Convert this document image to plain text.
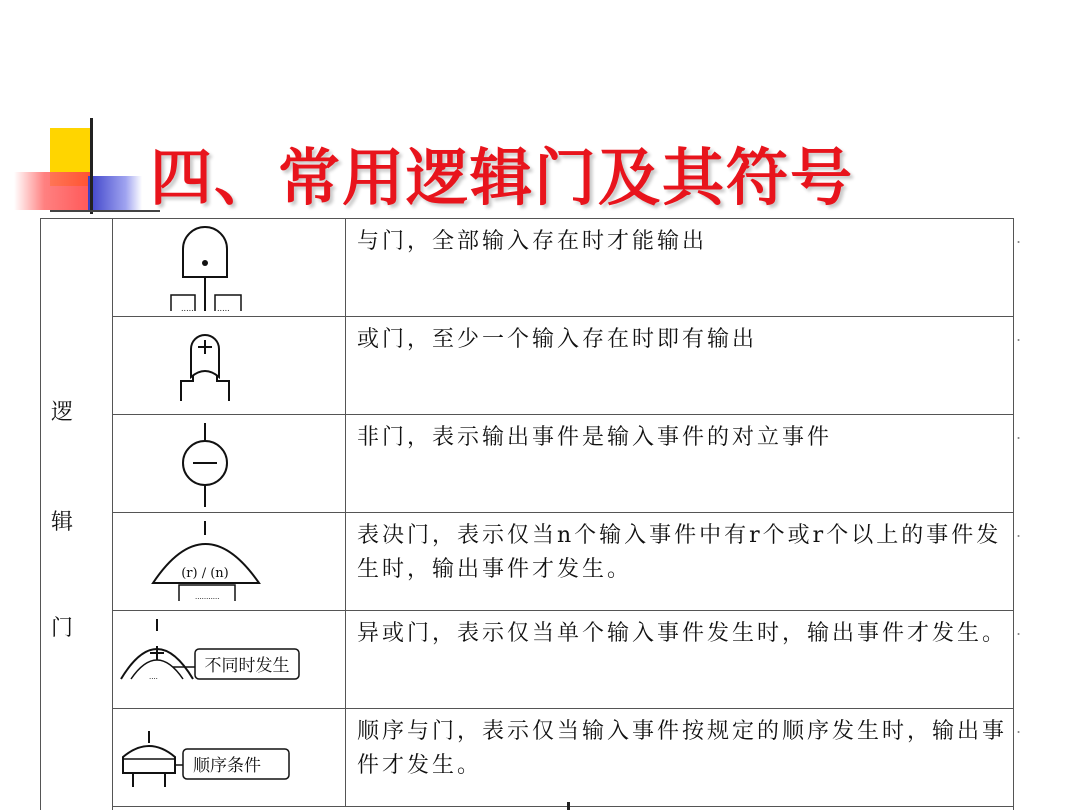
四、常用逻辑门及其符号
逻
辑
门
.....	.....
与门，全部输入存在时才能输出
或门，至少一个输入存在时即有输出
非门，表示输出事件是输入事件的对立事件
...........
(r) / (n)
表决门，表示仅当n个输入事件中有r个或r个以上的事件发生时，输出事件才发生。
....
不同时发生
异或门，表示仅当单个输入事件发生时，输出事件才发生。
顺序条件
顺序与门，表示仅当输入事件按规定的顺序发生时，输出事件才发生。
.
.
.
.
.
.
